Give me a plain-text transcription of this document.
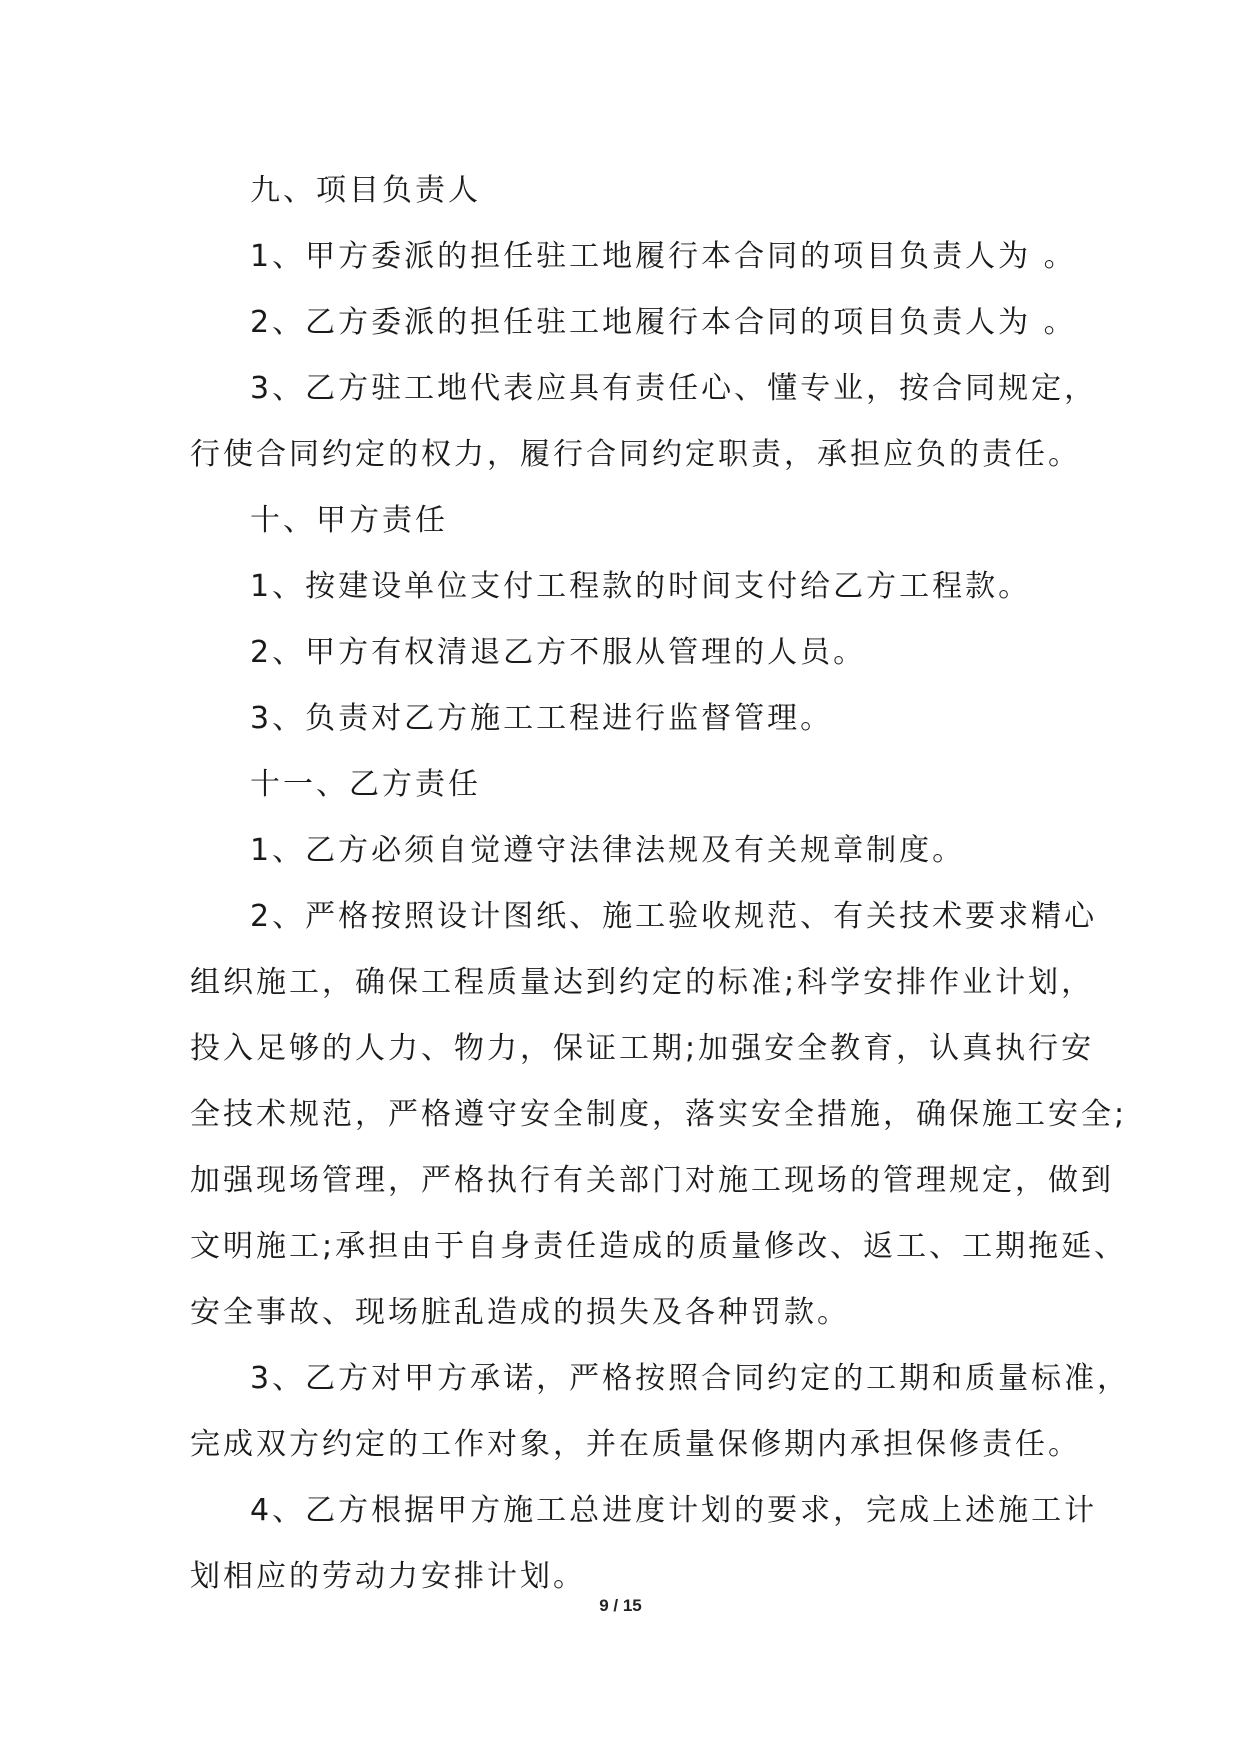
九、项目负责人

1、甲方委派的担任驻工地履行本合同的项目负责人为 。

2、乙方委派的担任驻工地履行本合同的项目负责人为 。

3、乙方驻工地代表应具有责任心、懂专业，按合同规定，

行使合同约定的权力，履行合同约定职责，承担应负的责任。

十、甲方责任

1、按建设单位支付工程款的时间支付给乙方工程款。

2、甲方有权清退乙方不服从管理的人员。

3、负责对乙方施工工程进行监督管理。

十一、乙方责任

1、乙方必须自觉遵守法律法规及有关规章制度。

2、严格按照设计图纸、施工验收规范、有关技术要求精心

组织施工，确保工程质量达到约定的标准;科学安排作业计划，

投入足够的人力、物力，保证工期;加强安全教育，认真执行安

全技术规范，严格遵守安全制度，落实安全措施，确保施工安全;

加强现场管理，严格执行有关部门对施工现场的管理规定，做到

文明施工;承担由于自身责任造成的质量修改、返工、工期拖延、

安全事故、现场脏乱造成的损失及各种罚款。

3、乙方对甲方承诺，严格按照合同约定的工期和质量标准，

完成双方约定的工作对象，并在质量保修期内承担保修责任。

4、乙方根据甲方施工总进度计划的要求，完成上述施工计

划相应的劳动力安排计划。

9 / 15
